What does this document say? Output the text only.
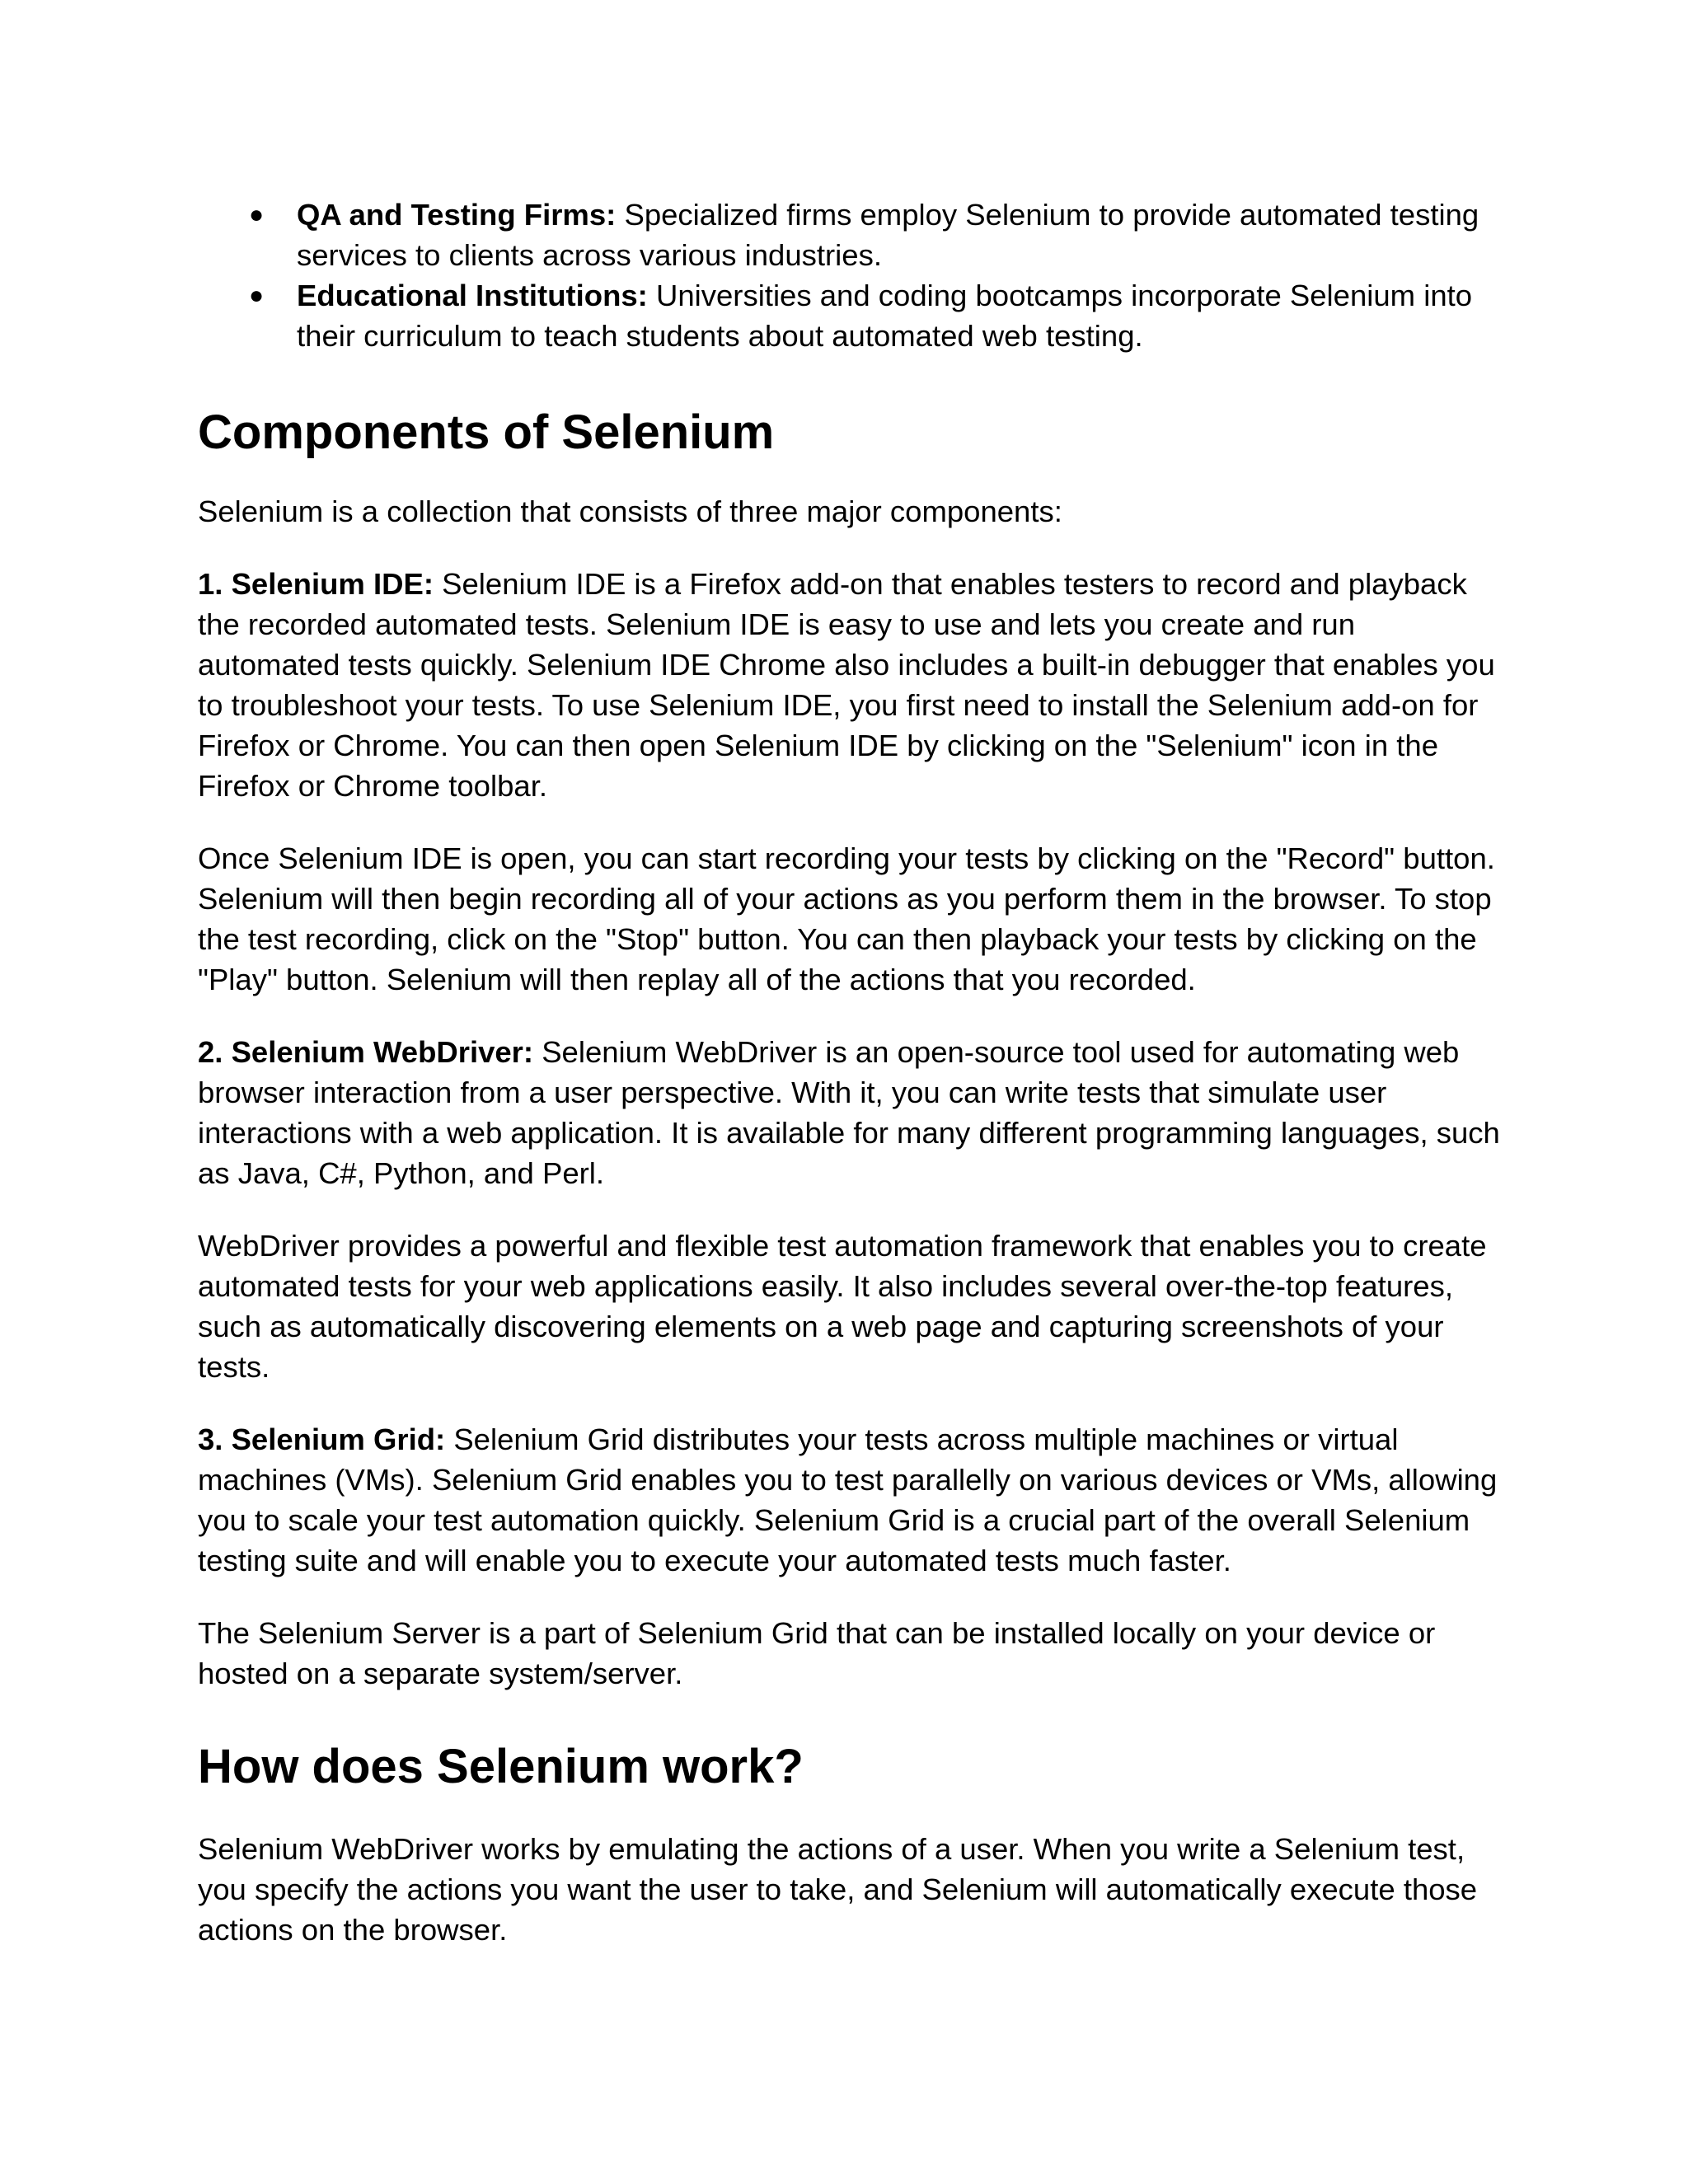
● QA and Testing Firms: Specialized firms employ Selenium to provide automated testing services to clients across various industries.
● Educational Institutions: Universities and coding bootcamps incorporate Selenium into their curriculum to teach students about automated web testing.
Components of Selenium

Selenium is a collection that consists of three major components:

1. Selenium IDE: Selenium IDE is a Firefox add-on that enables testers to record and playback the recorded automated tests. Selenium IDE is easy to use and lets you create and run automated tests quickly. Selenium IDE Chrome also includes a built-in debugger that enables you to troubleshoot your tests. To use Selenium IDE, you first need to install the Selenium add-on for Firefox or Chrome. You can then open Selenium IDE by clicking on the "Selenium" icon in the Firefox or Chrome toolbar.

Once Selenium IDE is open, you can start recording your tests by clicking on the "Record" button. Selenium will then begin recording all of your actions as you perform them in the browser. To stop the test recording, click on the "Stop" button. You can then playback your tests by clicking on the "Play" button. Selenium will then replay all of the actions that you recorded.

2. Selenium WebDriver: Selenium WebDriver is an open-source tool used for automating web browser interaction from a user perspective. With it, you can write tests that simulate user interactions with a web application. It is available for many different programming languages, such as Java, C#, Python, and Perl.

WebDriver provides a powerful and flexible test automation framework that enables you to create automated tests for your web applications easily. It also includes several over-the-top features, such as automatically discovering elements on a web page and capturing screenshots of your tests.

3. Selenium Grid: Selenium Grid distributes your tests across multiple machines or virtual machines (VMs). Selenium Grid enables you to test parallelly on various devices or VMs, allowing you to scale your test automation quickly. Selenium Grid is a crucial part of the overall Selenium testing suite and will enable you to execute your automated tests much faster.

The Selenium Server is a part of Selenium Grid that can be installed locally on your device or hosted on a separate system/server.

How does Selenium work?

Selenium WebDriver works by emulating the actions of a user. When you write a Selenium test, you specify the actions you want the user to take, and Selenium will automatically execute those actions on the browser.
